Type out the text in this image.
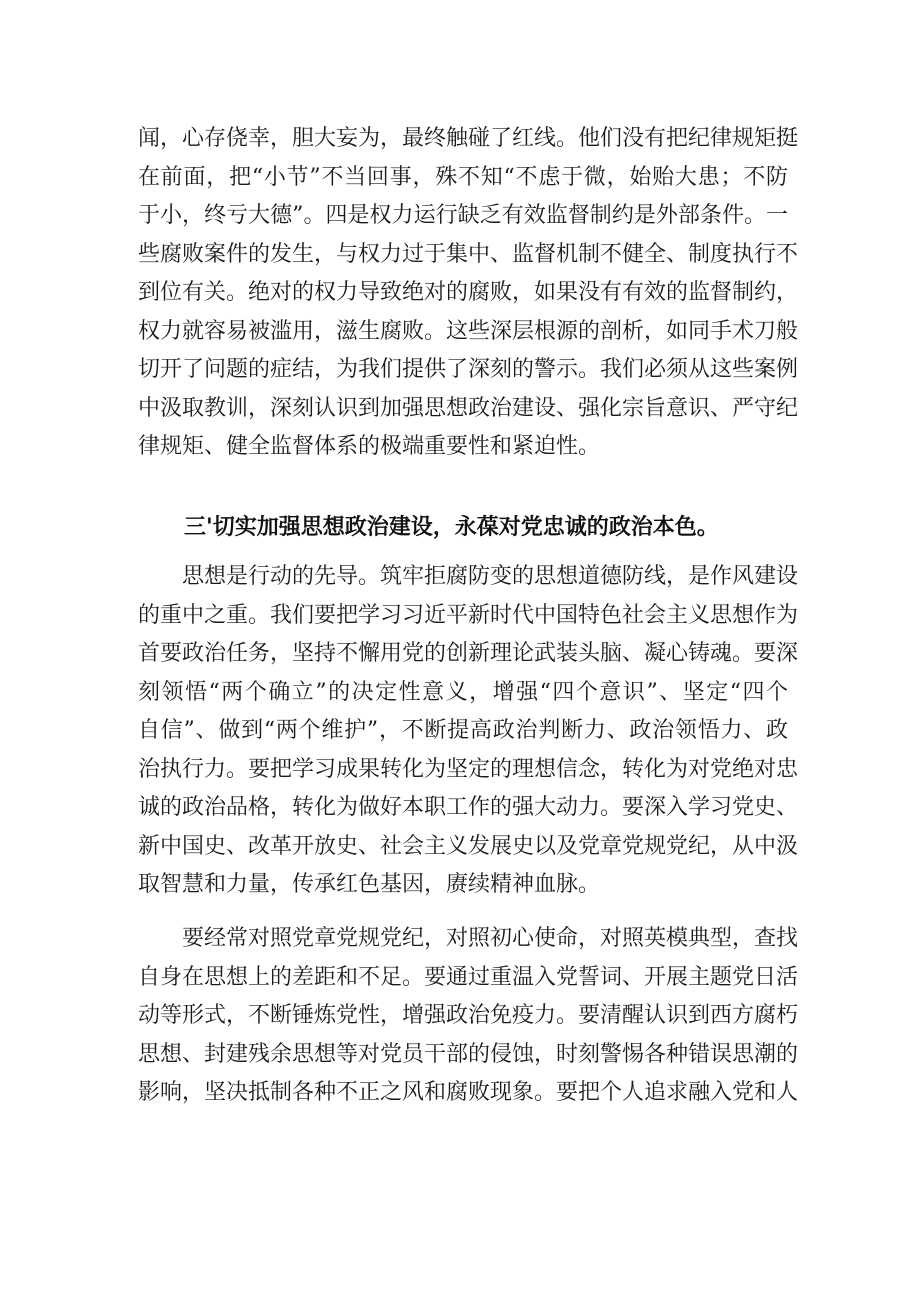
闻，心存侥幸，胆大妄为，最终触碰了红线。他们没有把纪律规矩挺
在前面，把“小节”不当回事，殊不知“不虑于微，始贻大患；不防
于小，终亏大德”。四是权力运行缺乏有效监督制约是外部条件。一
些腐败案件的发生，与权力过于集中、监督机制不健全、制度执行不
到位有关。绝对的权力导致绝对的腐败，如果没有有效的监督制约，
权力就容易被滥用，滋生腐败。这些深层根源的剖析，如同手术刀般
切开了问题的症结，为我们提供了深刻的警示。我们必须从这些案例
中汲取教训，深刻认识到加强思想政治建设、强化宗旨意识、严守纪
律规矩、健全监督体系的极端重要性和紧迫性。
三'切实加强思想政治建设，永葆对党忠诚的政治本色。
　　思想是行动的先导。筑牢拒腐防变的思想道德防线，是作风建设
的重中之重。我们要把学习习近平新时代中国特色社会主义思想作为
首要政治任务，坚持不懈用党的创新理论武装头脑、凝心铸魂。要深
刻领悟“两个确立”的决定性意义，增强“四个意识”、坚定“四个
自信”、做到“两个维护”，不断提高政治判断力、政治领悟力、政
治执行力。要把学习成果转化为坚定的理想信念，转化为对党绝对忠
诚的政治品格，转化为做好本职工作的强大动力。要深入学习党史、
新中国史、改革开放史、社会主义发展史以及党章党规党纪，从中汲
取智慧和力量，传承红色基因，赓续精神血脉。
　　要经常对照党章党规党纪，对照初心使命，对照英模典型，查找
自身在思想上的差距和不足。要通过重温入党誓词、开展主题党日活
动等形式，不断锤炼党性，增强政治免疫力。要清醒认识到西方腐朽
思想、封建残余思想等对党员干部的侵蚀，时刻警惕各种错误思潮的
影响，坚决抵制各种不正之风和腐败现象。要把个人追求融入党和人
